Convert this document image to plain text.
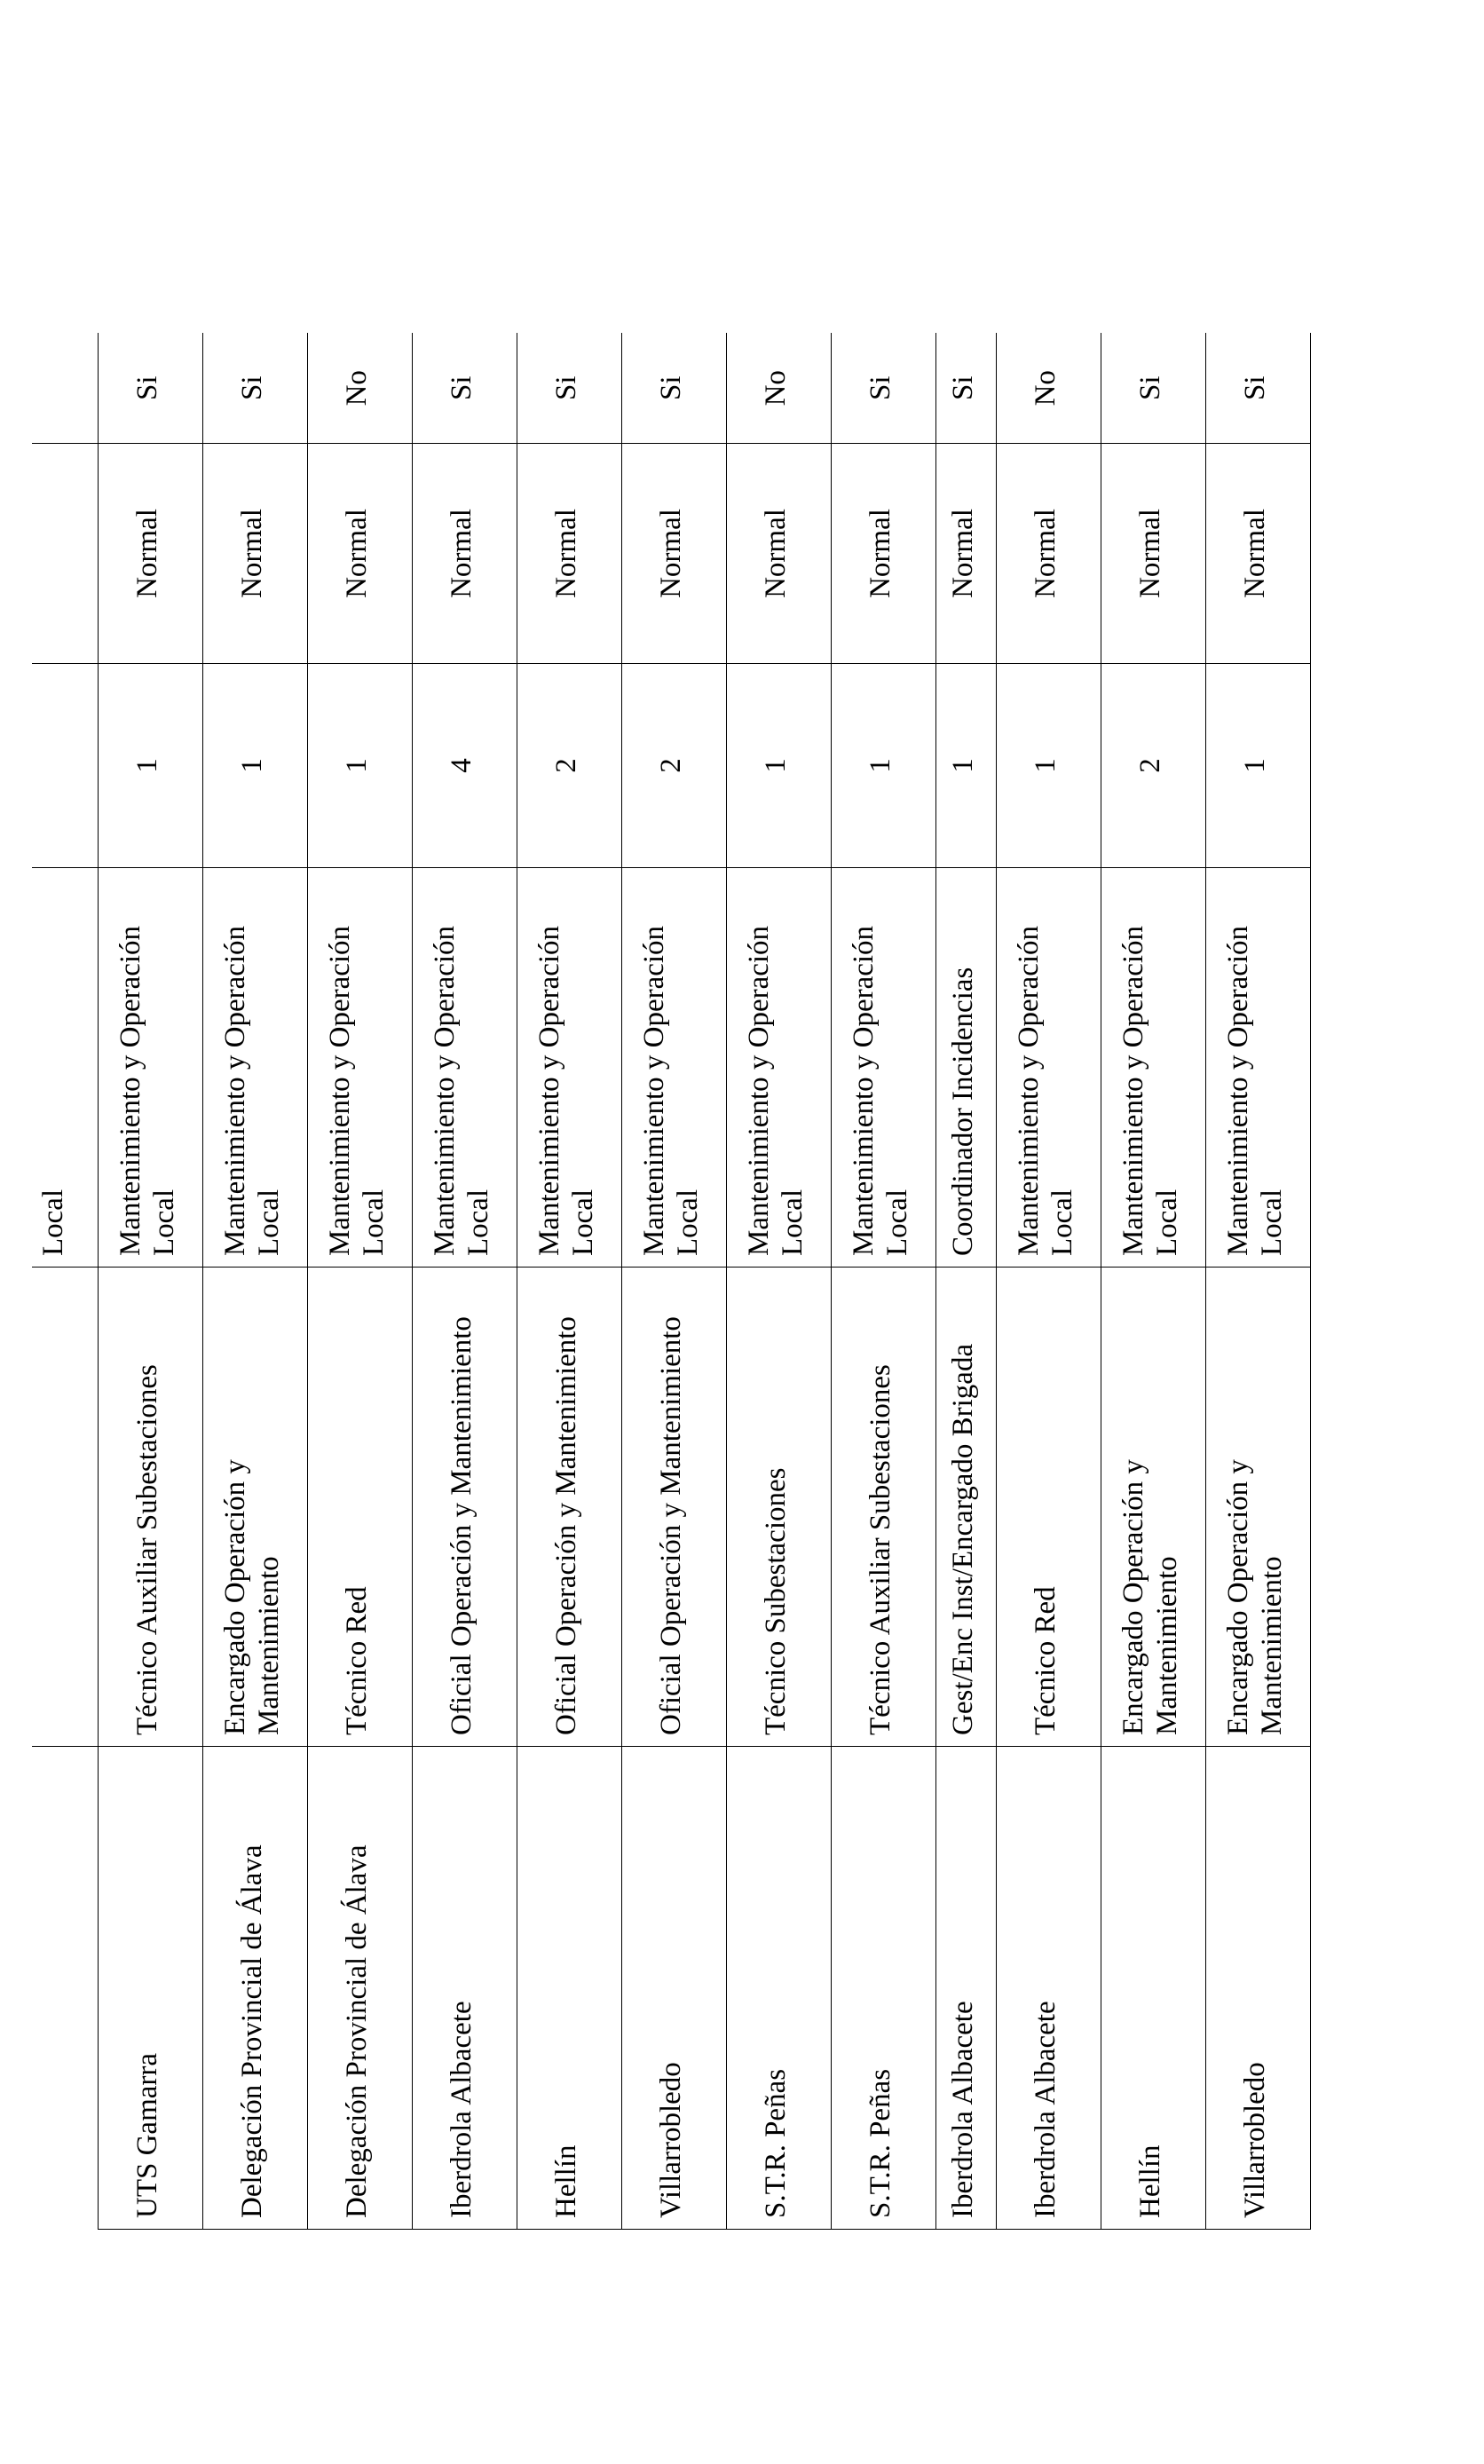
		Local			
UTS Gamarra	Técnico Auxiliar Subestaciones	Mantenimiento y Operación Local	1	Normal	Si
Delegación Provincial de Álava	Encargado Operación y Mantenimiento	Mantenimiento y Operación Local	1	Normal	Si
Delegación Provincial de Álava	Técnico Red	Mantenimiento y Operación Local	1	Normal	No
Iberdrola Albacete	Oficial Operación y Mantenimiento	Mantenimiento y Operación Local	4	Normal	Si
Hellín	Oficial Operación y Mantenimiento	Mantenimiento y Operación Local	2	Normal	Si
Villarrobledo	Oficial Operación y Mantenimiento	Mantenimiento y Operación Local	2	Normal	Si
S.T.R. Peñas	Técnico Subestaciones	Mantenimiento y Operación Local	1	Normal	No
S.T.R. Peñas	Técnico Auxiliar Subestaciones	Mantenimiento y Operación Local	1	Normal	Si
Iberdrola Albacete	Gest/Enc Inst/Encargado Brigada	Coordinador Incidencias	1	Normal	Si
Iberdrola Albacete	Técnico Red	Mantenimiento y Operación Local	1	Normal	No
Hellín	Encargado Operación y Mantenimiento	Mantenimiento y Operación Local	2	Normal	Si
Villarrobledo	Encargado Operación y Mantenimiento	Mantenimiento y Operación Local	1	Normal	Si
